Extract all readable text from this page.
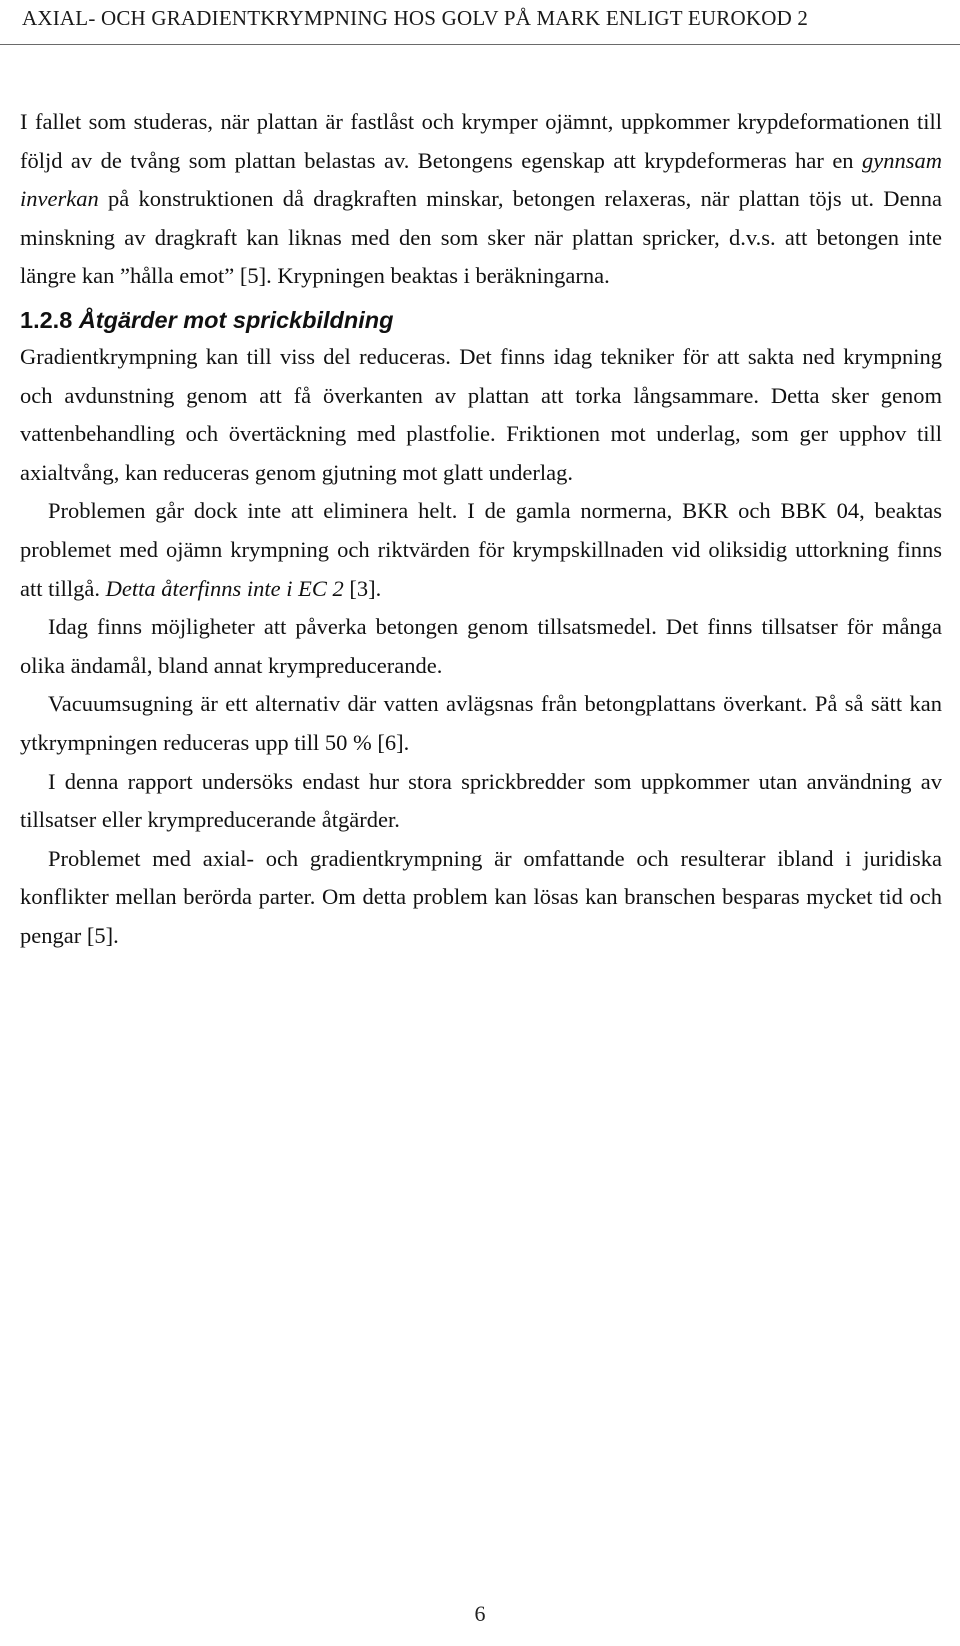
AXIAL- OCH GRADIENTKRYMPNING HOS GOLV PÅ MARK ENLIGT EUROKOD 2

I fallet som studeras, när plattan är fastlåst och krymper ojämnt, uppkommer krypdeformationen till följd av de tvång som plattan belastas av. Betongens egenskap att krypdeformeras har en gynnsam inverkan på konstruktionen då dragkraften minskar, betongen relaxeras, när plattan töjs ut. Denna minskning av dragkraft kan liknas med den som sker när plattan spricker, d.v.s. att betongen inte längre kan ”hålla emot” [5]. Krypningen beaktas i beräkningarna.

1.2.8 Åtgärder mot sprickbildning

Gradientkrympning kan till viss del reduceras. Det finns idag tekniker för att sakta ned krympning och avdunstning genom att få överkanten av plattan att torka långsammare. Detta sker genom vattenbehandling och övertäckning med plastfolie. Friktionen mot underlag, som ger upphov till axialtvång, kan reduceras genom gjutning mot glatt underlag.

Problemen går dock inte att eliminera helt. I de gamla normerna, BKR och BBK 04, beaktas problemet med ojämn krympning och riktvärden för krympskillnaden vid oliksidig uttorkning finns att tillgå. Detta återfinns inte i EC 2 [3].

Idag finns möjligheter att påverka betongen genom tillsatsmedel. Det finns tillsatser för många olika ändamål, bland annat krympreducerande.

Vacuumsugning är ett alternativ där vatten avlägsnas från betongplattans överkant. På så sätt kan ytkrympningen reduceras upp till 50 % [6].

I denna rapport undersöks endast hur stora sprickbredder som uppkommer utan användning av tillsatser eller krympreducerande åtgärder.

Problemet med axial- och gradientkrympning är omfattande och resulterar ibland i juridiska konflikter mellan berörda parter. Om detta problem kan lösas kan branschen besparas mycket tid och pengar [5].

6
